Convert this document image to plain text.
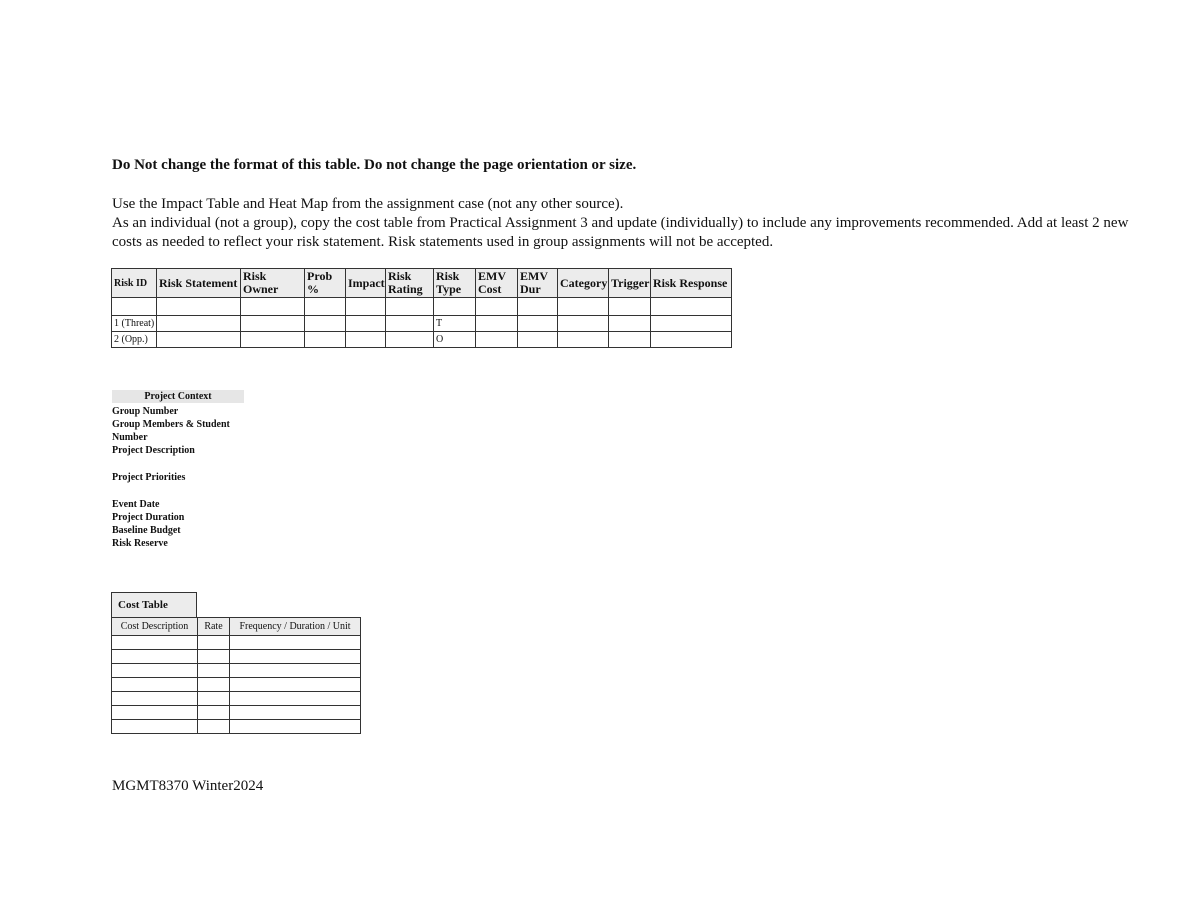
Do Not change the format of this table. Do not change the page orientation or size.

Use the Impact Table and Heat Map from the assignment case (not any other source).

As an individual (not a group), copy the cost table from Practical Assignment 3 and update (individually) to include any improvements recommended. Add at least 2 new costs as needed to reflect your risk statement. Risk statements used in group assignments will not be accepted.

Risk ID	Risk Statement	Risk Owner	Prob %	Impact	Risk Rating	Risk Type	EMV Cost	EMV Dur	Category	Trigger	Risk Response

1 (Threat)						T					
2 (Opp.)						O					
Project Context
Group Number
Group Members & Student Number
Project Description
Project Priorities
Event Date
Project Duration
Baseline Budget
Risk Reserve
Cost Table
Cost Description	Rate	Frequency / Duration / Unit

MGMT8370 Winter2024
